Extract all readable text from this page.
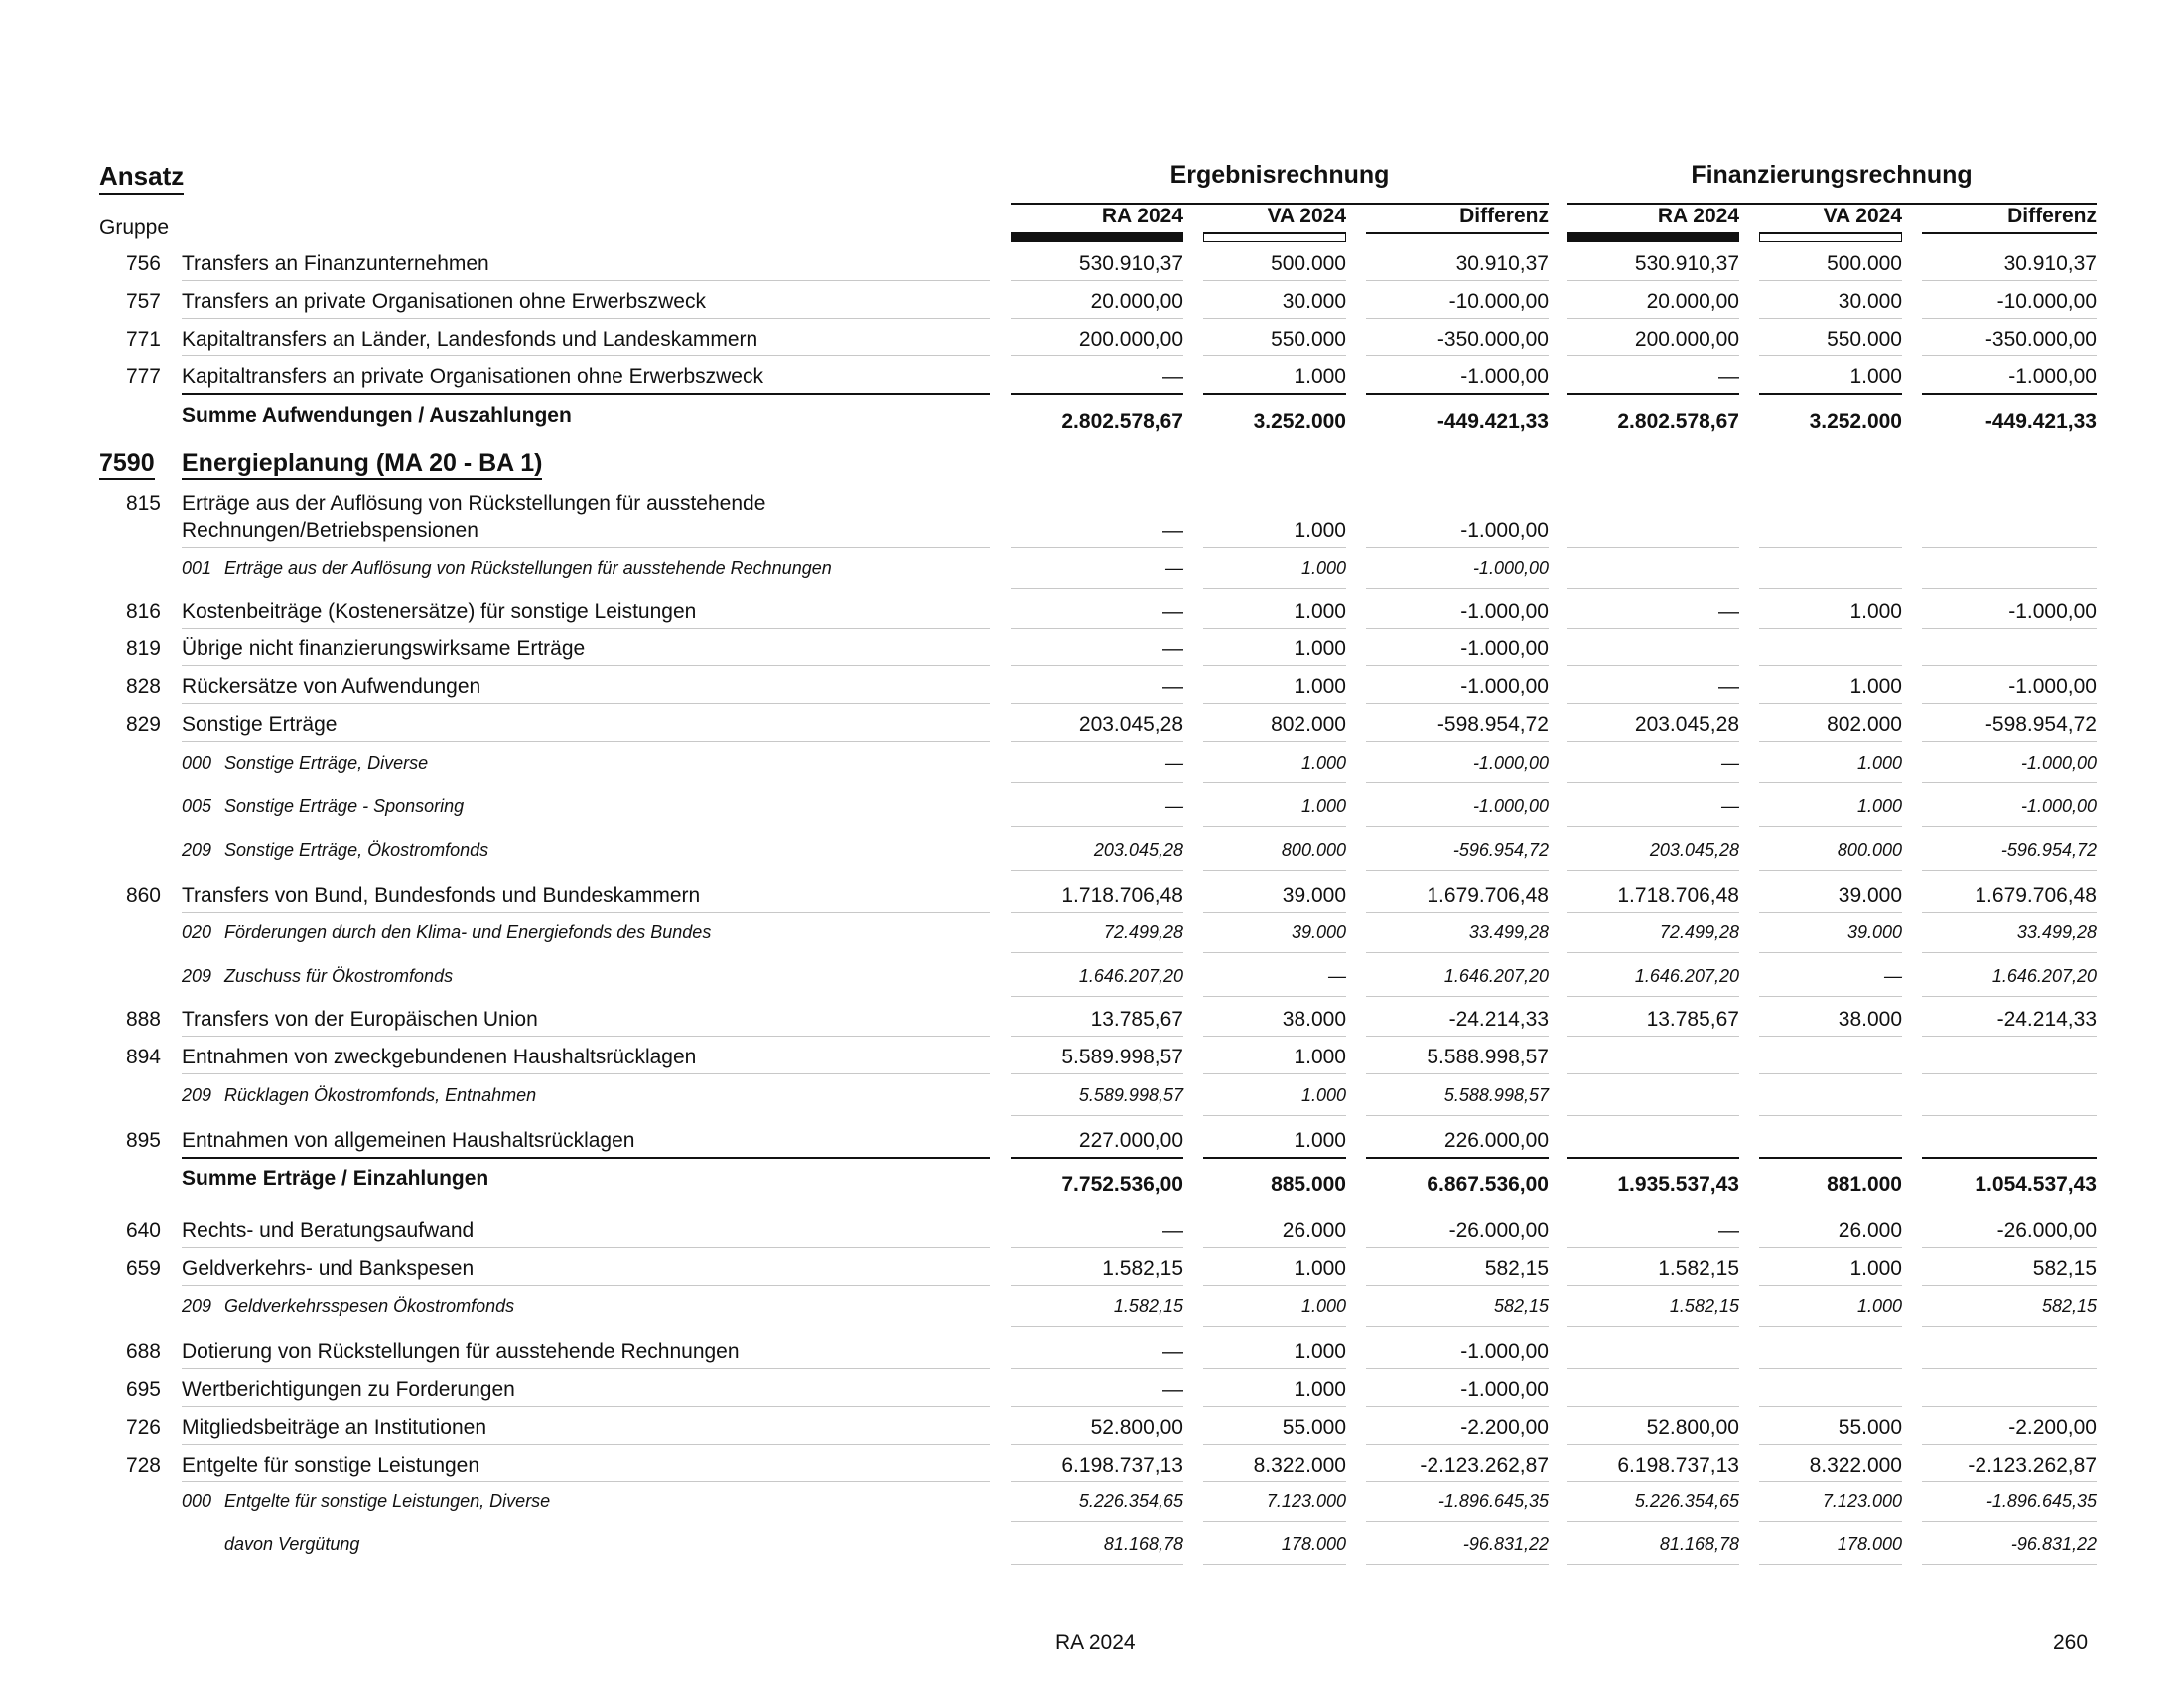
Ansatz
Gruppe
Ergebnisrechnung	Finanzierungsrechnung
RA 2024	VA 2024	Differenz	RA 2024	VA 2024	Differenz
756 Transfers an Finanzunternehmen	530.910,37	500.000	30.910,37	530.910,37	500.000	30.910,37
757 Transfers an private Organisationen ohne Erwerbszweck	20.000,00	30.000	-10.000,00	20.000,00	30.000	-10.000,00
771 Kapitaltransfers an Länder, Landesfonds und Landeskammern	200.000,00	550.000	-350.000,00	200.000,00	550.000	-350.000,00
777 Kapitaltransfers an private Organisationen ohne Erwerbszweck	—	1.000	-1.000,00	—	1.000	-1.000,00
Summe Aufwendungen / Auszahlungen	2.802.578,67	3.252.000	-449.421,33	2.802.578,67	3.252.000	-449.421,33
7590 Energieplanung (MA 20 - BA 1)
815 Erträge aus der Auflösung von Rückstellungen für ausstehende Rechnungen/Betriebspensionen	—	1.000	-1.000,00
001 Erträge aus der Auflösung von Rückstellungen für ausstehende Rechnungen	—	1.000	-1.000,00
816 Kostenbeiträge (Kostenersätze) für sonstige Leistungen	—	1.000	-1.000,00	—	1.000	-1.000,00
819 Übrige nicht finanzierungswirksame Erträge	—	1.000	-1.000,00
828 Rückersätze von Aufwendungen	—	1.000	-1.000,00	—	1.000	-1.000,00
829 Sonstige Erträge	203.045,28	802.000	-598.954,72	203.045,28	802.000	-598.954,72
000 Sonstige Erträge, Diverse	—	1.000	-1.000,00	—	1.000	-1.000,00
005 Sonstige Erträge - Sponsoring	—	1.000	-1.000,00	—	1.000	-1.000,00
209 Sonstige Erträge, Ökostromfonds	203.045,28	800.000	-596.954,72	203.045,28	800.000	-596.954,72
860 Transfers von Bund, Bundesfonds und Bundeskammern	1.718.706,48	39.000	1.679.706,48	1.718.706,48	39.000	1.679.706,48
020 Förderungen durch den Klima- und Energiefonds des Bundes	72.499,28	39.000	33.499,28	72.499,28	39.000	33.499,28
209 Zuschuss für Ökostromfonds	1.646.207,20	—	1.646.207,20	1.646.207,20	—	1.646.207,20
888 Transfers von der Europäischen Union	13.785,67	38.000	-24.214,33	13.785,67	38.000	-24.214,33
894 Entnahmen von zweckgebundenen Haushaltsrücklagen	5.589.998,57	1.000	5.588.998,57
209 Rücklagen Ökostromfonds, Entnahmen	5.589.998,57	1.000	5.588.998,57
895 Entnahmen von allgemeinen Haushaltsrücklagen	227.000,00	1.000	226.000,00
Summe Erträge / Einzahlungen	7.752.536,00	885.000	6.867.536,00	1.935.537,43	881.000	1.054.537,43
640 Rechts- und Beratungsaufwand	—	26.000	-26.000,00	—	26.000	-26.000,00
659 Geldverkehrs- und Bankspesen	1.582,15	1.000	582,15	1.582,15	1.000	582,15
209 Geldverkehrsspesen Ökostromfonds	1.582,15	1.000	582,15	1.582,15	1.000	582,15
688 Dotierung von Rückstellungen für ausstehende Rechnungen	—	1.000	-1.000,00
695 Wertberichtigungen zu Forderungen	—	1.000	-1.000,00
726 Mitgliedsbeiträge an Institutionen	52.800,00	55.000	-2.200,00	52.800,00	55.000	-2.200,00
728 Entgelte für sonstige Leistungen	6.198.737,13	8.322.000	-2.123.262,87	6.198.737,13	8.322.000	-2.123.262,87
000 Entgelte für sonstige Leistungen, Diverse	5.226.354,65	7.123.000	-1.896.645,35	5.226.354,65	7.123.000	-1.896.645,35
davon Vergütung	81.168,78	178.000	-96.831,22	81.168,78	178.000	-96.831,22
RA 2024	260
